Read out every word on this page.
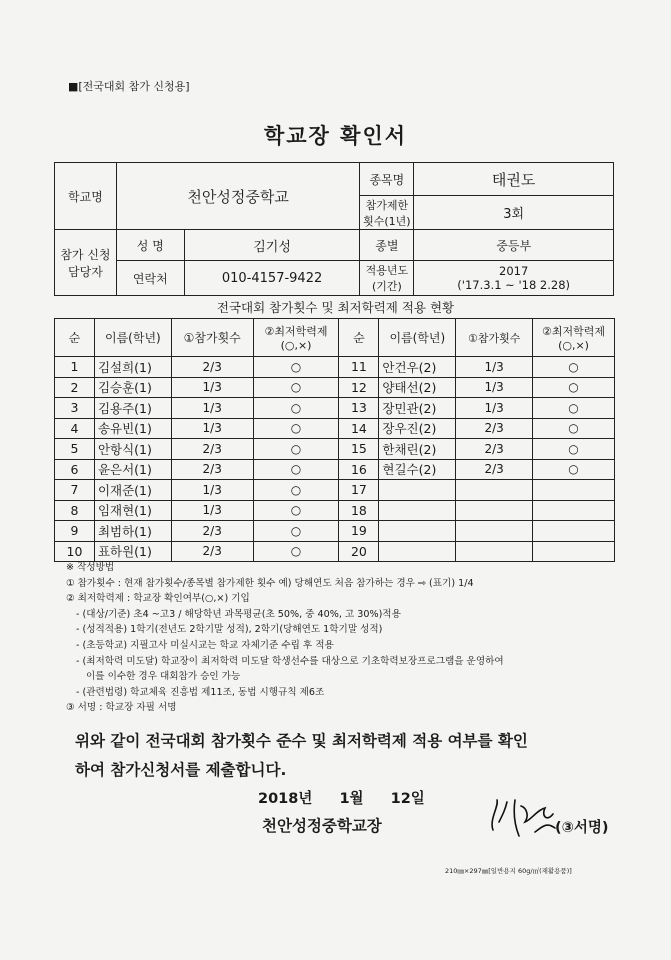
■[전국대회 참가 신청용]
학교장 확인서
학교명	천안성정중학교		종목명	태권도
			참가제한 횟수(1년)	3회
참가 신청 담당자	성 명	김기성	종별	중등부
	연락처	010-4157-9422	적용년도 (기간)	2017
('17.3.1 ~ '18 2.28)
전국대회 참가횟수 및 최저학력제 적용 현황
순	이름(학년)	①참가횟수	②최저학력제 (○,×)	순	이름(학년)	①참가횟수	②최저학력제 (○,×)
1	김설희(1)	2/3	○	11	안건우(2)	1/3	○
2	김승훈(1)	1/3	○	12	양태선(2)	1/3	○
3	김용주(1)	1/3	○	13	장민관(2)	1/3	○
4	송유빈(1)	1/3	○	14	장우진(2)	2/3	○
5	안항식(1)	2/3	○	15	한채린(2)	2/3	○
6	윤은서(1)	2/3	○	16	현길수(2)	2/3	○
7	이재준(1)	1/3	○	17			
8	임재현(1)	1/3	○	18			
9	최범하(1)	2/3	○	19			
10	표하원(1)	2/3	○	20			
※ 작성방법
① 참가횟수 : 현재 참가횟수/종목별 참가제한 횟수 예) 당해연도 처음 참가하는 경우 ⇨ (표기) 1/4
② 최저학력제 : 학교장 확인여부(○,×) 기입
- (대상/기준) 초4 ~고3 / 해당학년 과목평균(초 50%, 중 40%, 고 30%)적용
- (성적적용) 1학기(전년도 2학기말 성적), 2학기(당해연도 1학기말 성적)
- (초등학교) 지필고사 미실시교는 학교 자체기준 수립 후 적용
- (최저학력 미도달) 학교장이 최저학력 미도달 학생선수를 대상으로 기초학력보장프로그램을 운영하여
이를 이수한 경우 대회참가 승인 가능
- (관련법령) 학교체육 진흥법 제11조, 동법 시행규칙 제6조
③ 서명 : 학교장 자필 서명
위와 같이 전국대회 참가횟수 준수 및 최저학력제 적용 여부를 확인
하여 참가신청서를 제출합니다.
2018년 1월 12일
천안성정중학교장	(③서명)
210㎜×297㎜[일반용지 60g/㎡(재활용품)]
